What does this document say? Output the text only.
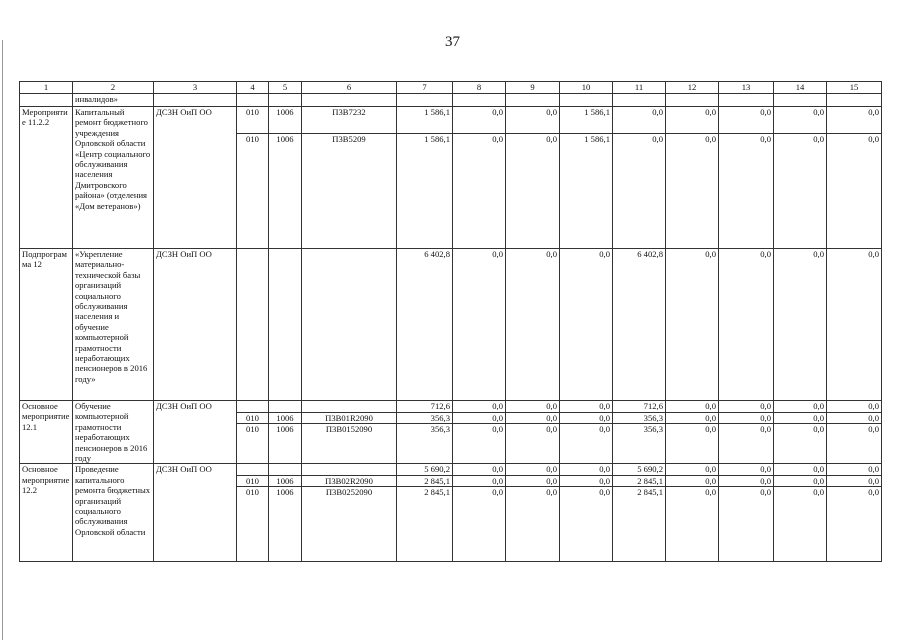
37
1	2	3	4	5	6	7	8	9	10	11	12	13	14	15
	инвалидов»													
Мероприятие 11.2.2	Капитальный ремонт бюджетного учреждения Орловской области «Центр социального обслуживания населения Дмитровского района» (отделения «Дом ветеранов»)	ДСЗН ОиП ОО	010	1006	П3В7232	1 586,1	0,0	0,0	1 586,1	0,0	0,0	0,0	0,0	0,0
			010	1006	П3В5209	1 586,1	0,0	0,0	1 586,1	0,0	0,0	0,0	0,0	0,0
Подпрограмма 12	«Укрепление материально-технической базы организаций социального обслуживания населения и обучение компьютерной грамотности неработающих пенсионеров в 2016 году»	ДСЗН ОиП ОО				6 402,8	0,0	0,0	0,0	6 402,8	0,0	0,0	0,0	0,0
Основное мероприятие 12.1	Обучение компьютерной грамотности неработающих пенсионеров в 2016 году	ДСЗН ОиП ОО				712,6	0,0	0,0	0,0	712,6	0,0	0,0	0,0	0,0
			010	1006	П3В01R2090	356,3	0,0	0,0	0,0	356,3	0,0	0,0	0,0	0,0
			010	1006	П3В0152090	356,3	0,0	0,0	0,0	356,3	0,0	0,0	0,0	0,0
Основное мероприятие 12.2	Проведение капитального ремонта бюджетных организаций социального обслуживания Орловской области	ДСЗН ОиП ОО				5 690,2	0,0	0,0	0,0	5 690,2	0,0	0,0	0,0	0,0
			010	1006	П3В02R2090	2 845,1	0,0	0,0	0,0	2 845,1	0,0	0,0	0,0	0,0
			010	1006	П3В0252090	2 845,1	0,0	0,0	0,0	2 845,1	0,0	0,0	0,0	0,0
